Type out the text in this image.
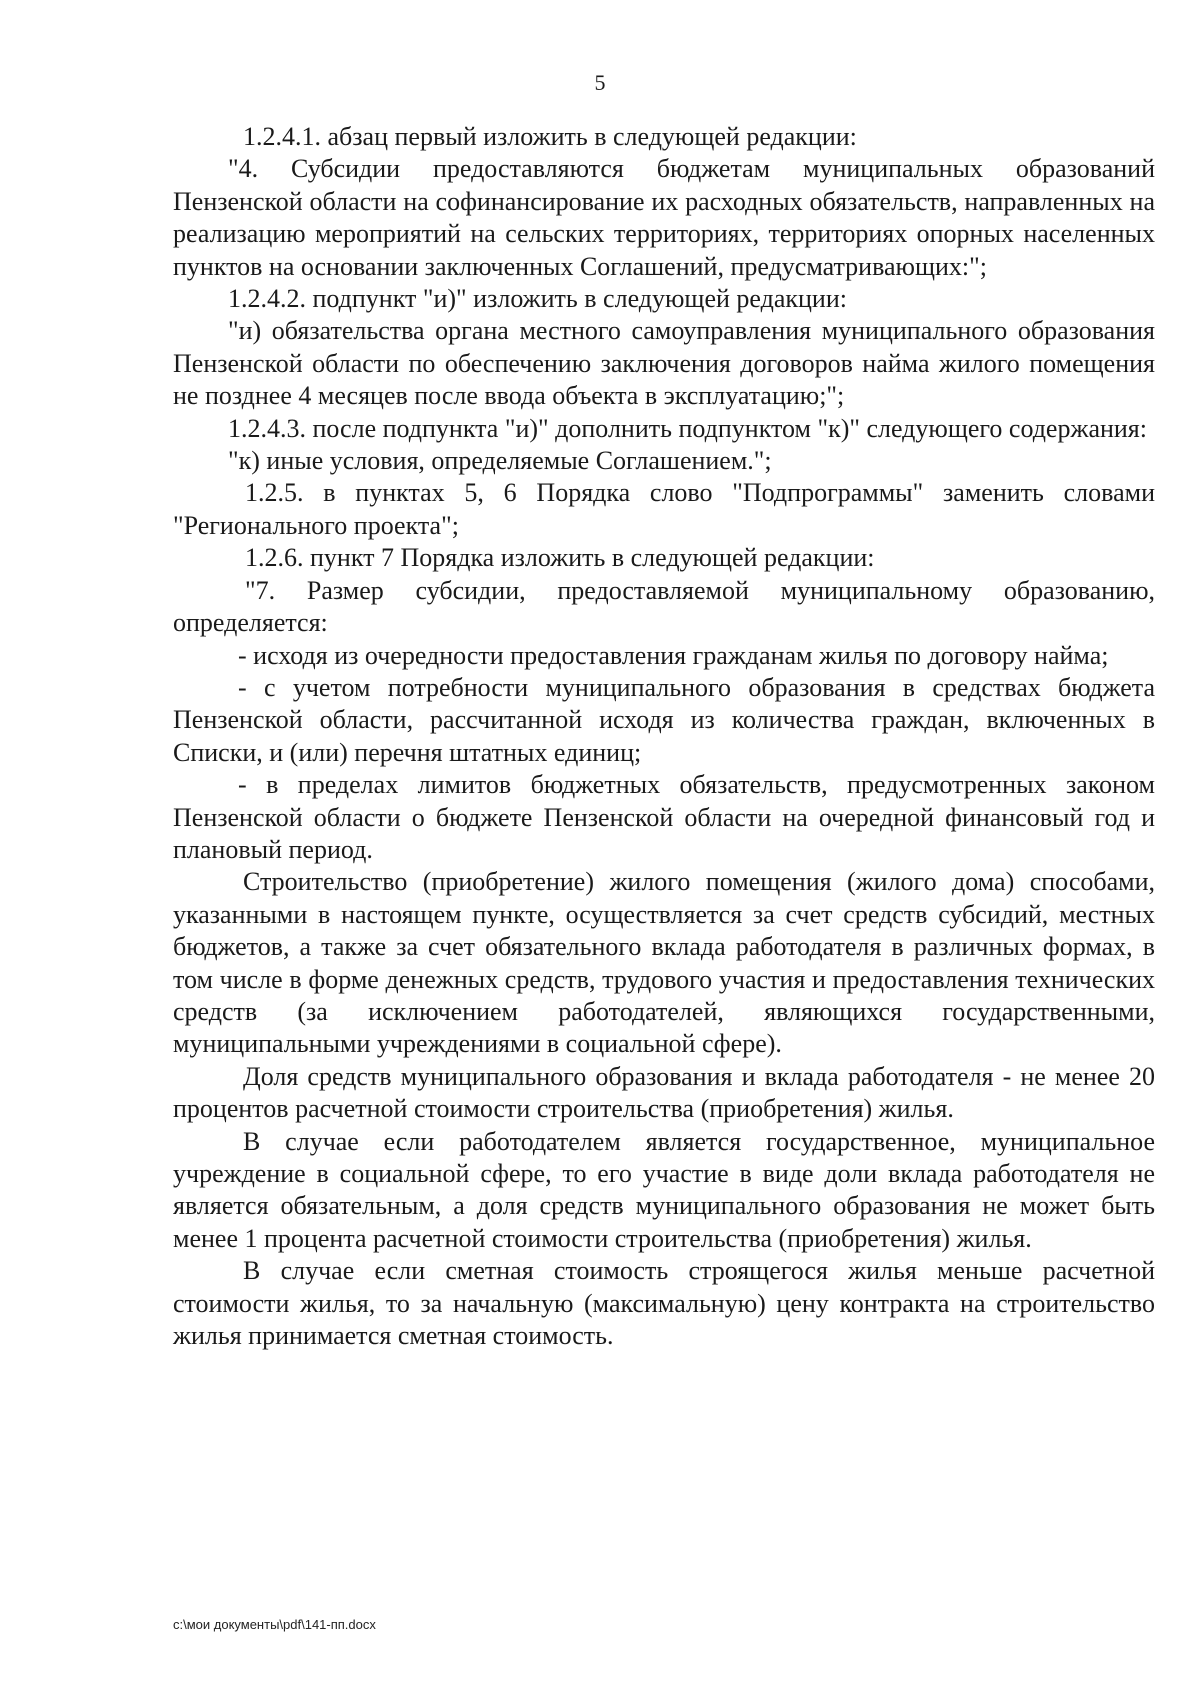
5

1.2.4.1. абзац первый изложить в следующей редакции:

"4. Субсидии предоставляются бюджетам муниципальных образований Пензенской области на софинансирование их расходных обязательств, направленных на реализацию мероприятий на сельских территориях, территориях опорных населенных пунктов на основании заключенных Соглашений, предусматривающих:";

1.2.4.2. подпункт "и)" изложить в следующей редакции:

"и) обязательства органа местного самоуправления муниципального образования Пензенской области по обеспечению заключения договоров найма жилого помещения не позднее 4 месяцев после ввода объекта в эксплуатацию;";

1.2.4.3. после подпункта "и)" дополнить подпунктом "к)" следующего содержания:

"к) иные условия, определяемые Соглашением.";

1.2.5. в пунктах 5, 6 Порядка слово "Подпрограммы" заменить словами "Регионального проекта";

1.2.6. пункт 7 Порядка изложить в следующей редакции:

"7. Размер субсидии, предоставляемой муниципальному образованию, определяется:

- исходя из очередности предоставления гражданам жилья по договору найма;

- с учетом потребности муниципального образования в средствах бюджета Пензенской области, рассчитанной исходя из количества граждан, включенных в Списки, и (или) перечня штатных единиц;

- в пределах лимитов бюджетных обязательств, предусмотренных законом Пензенской области о бюджете Пензенской области на очередной финансовый год и плановый период.

Строительство (приобретение) жилого помещения (жилого дома) способами, указанными в настоящем пункте, осуществляется за счет средств субсидий, местных бюджетов, а также за счет обязательного вклада работодателя в различных формах, в том числе в форме денежных средств, трудового участия и предоставления технических средств (за исключением работодателей, являющихся государственными, муниципальными учреждениями в социальной сфере).

Доля средств муниципального образования и вклада работодателя - не менее 20 процентов расчетной стоимости строительства (приобретения) жилья.

В случае если работодателем является государственное, муниципальное учреждение в социальной сфере, то его участие в виде доли вклада работодателя не является обязательным, а доля средств муниципального образования не может быть менее 1 процента расчетной стоимости строительства (приобретения) жилья.

В случае если сметная стоимость строящегося жилья меньше расчетной стоимости жилья, то за начальную (максимальную) цену контракта на строительство жилья принимается сметная стоимость.

c:\мои документы\pdf\141-пп.docx
